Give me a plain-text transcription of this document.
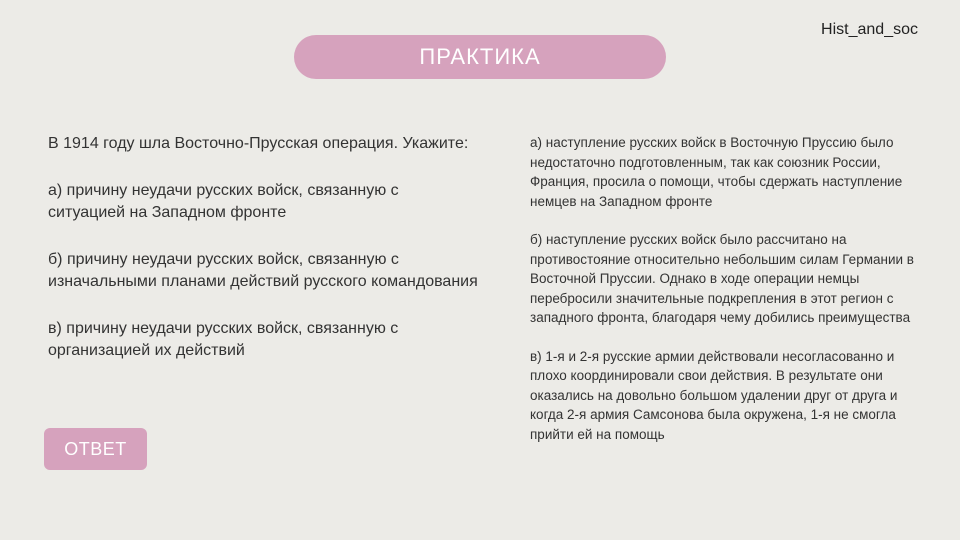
Hist_and_soc
ПРАКТИКА

В 1914 году шла Восточно-Прусская операция. Укажите:

а) причину неудачи русских войск, связанную с ситуацией на Западном фронте

б) причину неудачи русских войск, связанную с изначальными планами действий русского командования

в) причину неудачи русских войск, связанную с организацией их действий

а) наступление русских войск в Восточную Пруссию было недостаточно подготовленным, так как союзник России, Франция, просила о помощи, чтобы сдержать наступление немцев на Западном фронте

б) наступление русских войск было рассчитано на противостояние относительно небольшим силам Германии в Восточной Пруссии. Однако в ходе операции немцы перебросили значительные подкрепления в этот регион с западного фронта, благодаря чему добились преимущества

в) 1-я и 2-я русские армии действовали несогласованно и плохо координировали свои действия. В результате они оказались на довольно большом удалении друг от друга и когда 2-я армия Самсонова была окружена, 1-я не смогла прийти ей на помощь

ОТВЕТ
